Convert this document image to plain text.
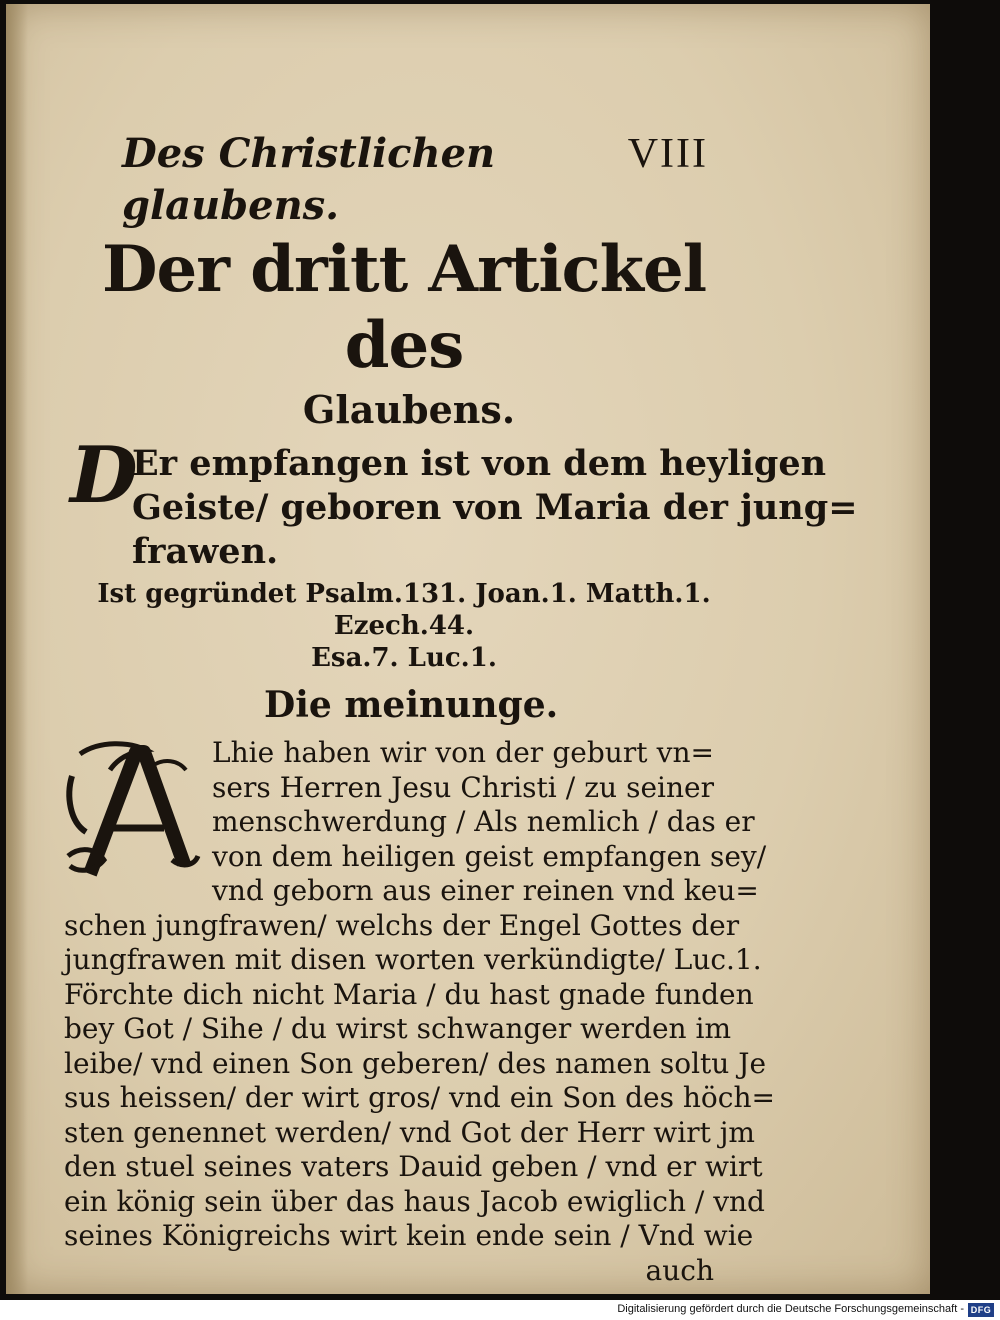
Des Christlichen glaubens.
VIII
Der dritt Artickel des
Glaubens.
D
Er empfangen ist von dem heyligen
Geiste/ geboren von Maria der jung=
frawen.
Ist gegründet Psalm.131. Joan.1. Matth.1. Ezech.44.
Esa.7. Luc.1.
Die meinunge.
Lhie haben wir von der geburt vn=
sers Herren Jesu Christi / zu seiner
menschwerdung / Als nemlich / das er
von dem heiligen geist empfangen sey/
vnd geborn aus einer reinen vnd keu=
schen jungfrawen/ welchs der Engel Gottes der
jungfrawen mit disen worten verkündigte/ Luc.1.
Förchte dich nicht Maria / du hast gnade funden
bey Got / Sihe / du wirst schwanger werden im
leibe/ vnd einen Son geberen/ des namen soltu Je
sus heissen/ der wirt gros/ vnd ein Son des höch=
sten genennet werden/ vnd Got der Herr wirt jm
den stuel seines vaters Dauid geben / vnd er wirt
ein könig sein über das haus Jacob ewiglich / vnd
seines Königreichs wirt kein ende sein / Vnd wie
auch
Digitalisierung gefördert durch die Deutsche Forschungsgemeinschaft - DFG
